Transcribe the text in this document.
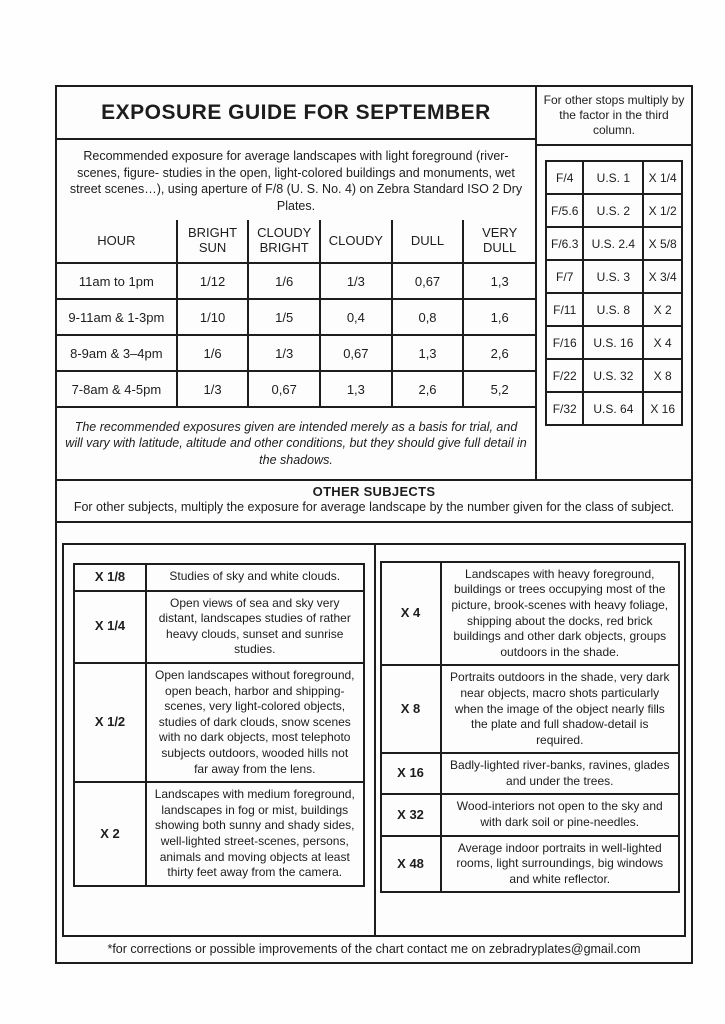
EXPOSURE GUIDE FOR SEPTEMBER
Recommended exposure for average landscapes with light foreground (river-scenes, figure- studies in the open, light-colored buildings and monuments, wet street scenes…), using aperture of F/8 (U. S. No. 4) on Zebra Standard ISO 2 Dry Plates.
HOUR	BRIGHT SUN	CLOUDY BRIGHT	CLOUDY	DULL	VERY DULL
11am to 1pm	1/12	1/6	1/3	0,67	1,3
9-11am & 1-3pm	1/10	1/5	0,4	0,8	1,6
8-9am & 3–4pm	1/6	1/3	0,67	1,3	2,6
7-8am & 4-5pm	1/3	0,67	1,3	2,6	5,2
The recommended exposures given are intended merely as a basis for trial, and will vary with latitude, altitude and other conditions, but they should give full detail in the shadows.
For other stops multiply by the factor in the third column.
F/4	U.S. 1	X 1/4
F/5.6	U.S. 2	X 1/2
F/6.3	U.S. 2.4	X 5/8
F/7	U.S. 3	X 3/4
F/11	U.S. 8	X 2
F/16	U.S. 16	X 4
F/22	U.S. 32	X 8
F/32	U.S. 64	X 16
OTHER SUBJECTS

For other subjects, multiply the exposure for average landscape by the number given for the class of subject.

X 1/8	Studies of sky and white clouds.
X 1/4	Open views of sea and sky very distant, landscapes studies of rather heavy clouds, sunset and sunrise studies.
X 1/2	Open landscapes without foreground, open beach, harbor and shipping-scenes, very light-colored objects, studies of dark clouds, snow scenes with no dark objects, most telephoto subjects outdoors, wooded hills not far away from the lens.
X 2	Landscapes with medium foreground, landscapes in fog or mist, buildings showing both sunny and shady sides, well-lighted street-scenes, persons, animals and moving objects at least thirty feet away from the camera.
X 4	Landscapes with heavy foreground, buildings or trees occupying most of the picture, brook-scenes with heavy foliage, shipping about the docks, red brick buildings and other dark objects, groups outdoors in the shade.
X 8	Portraits outdoors in the shade, very dark near objects, macro shots particularly when the image of the object nearly fills the plate and full shadow-detail is required.
X 16	Badly-lighted river-banks, ravines, glades and under the trees.
X 32	Wood-interiors not open to the sky and with dark soil or pine-needles.
X 48	Average indoor portraits in well-lighted rooms, light surroundings, big windows and white reflector.
*for corrections or possible improvements of the chart contact me on zebradryplates@gmail.com
